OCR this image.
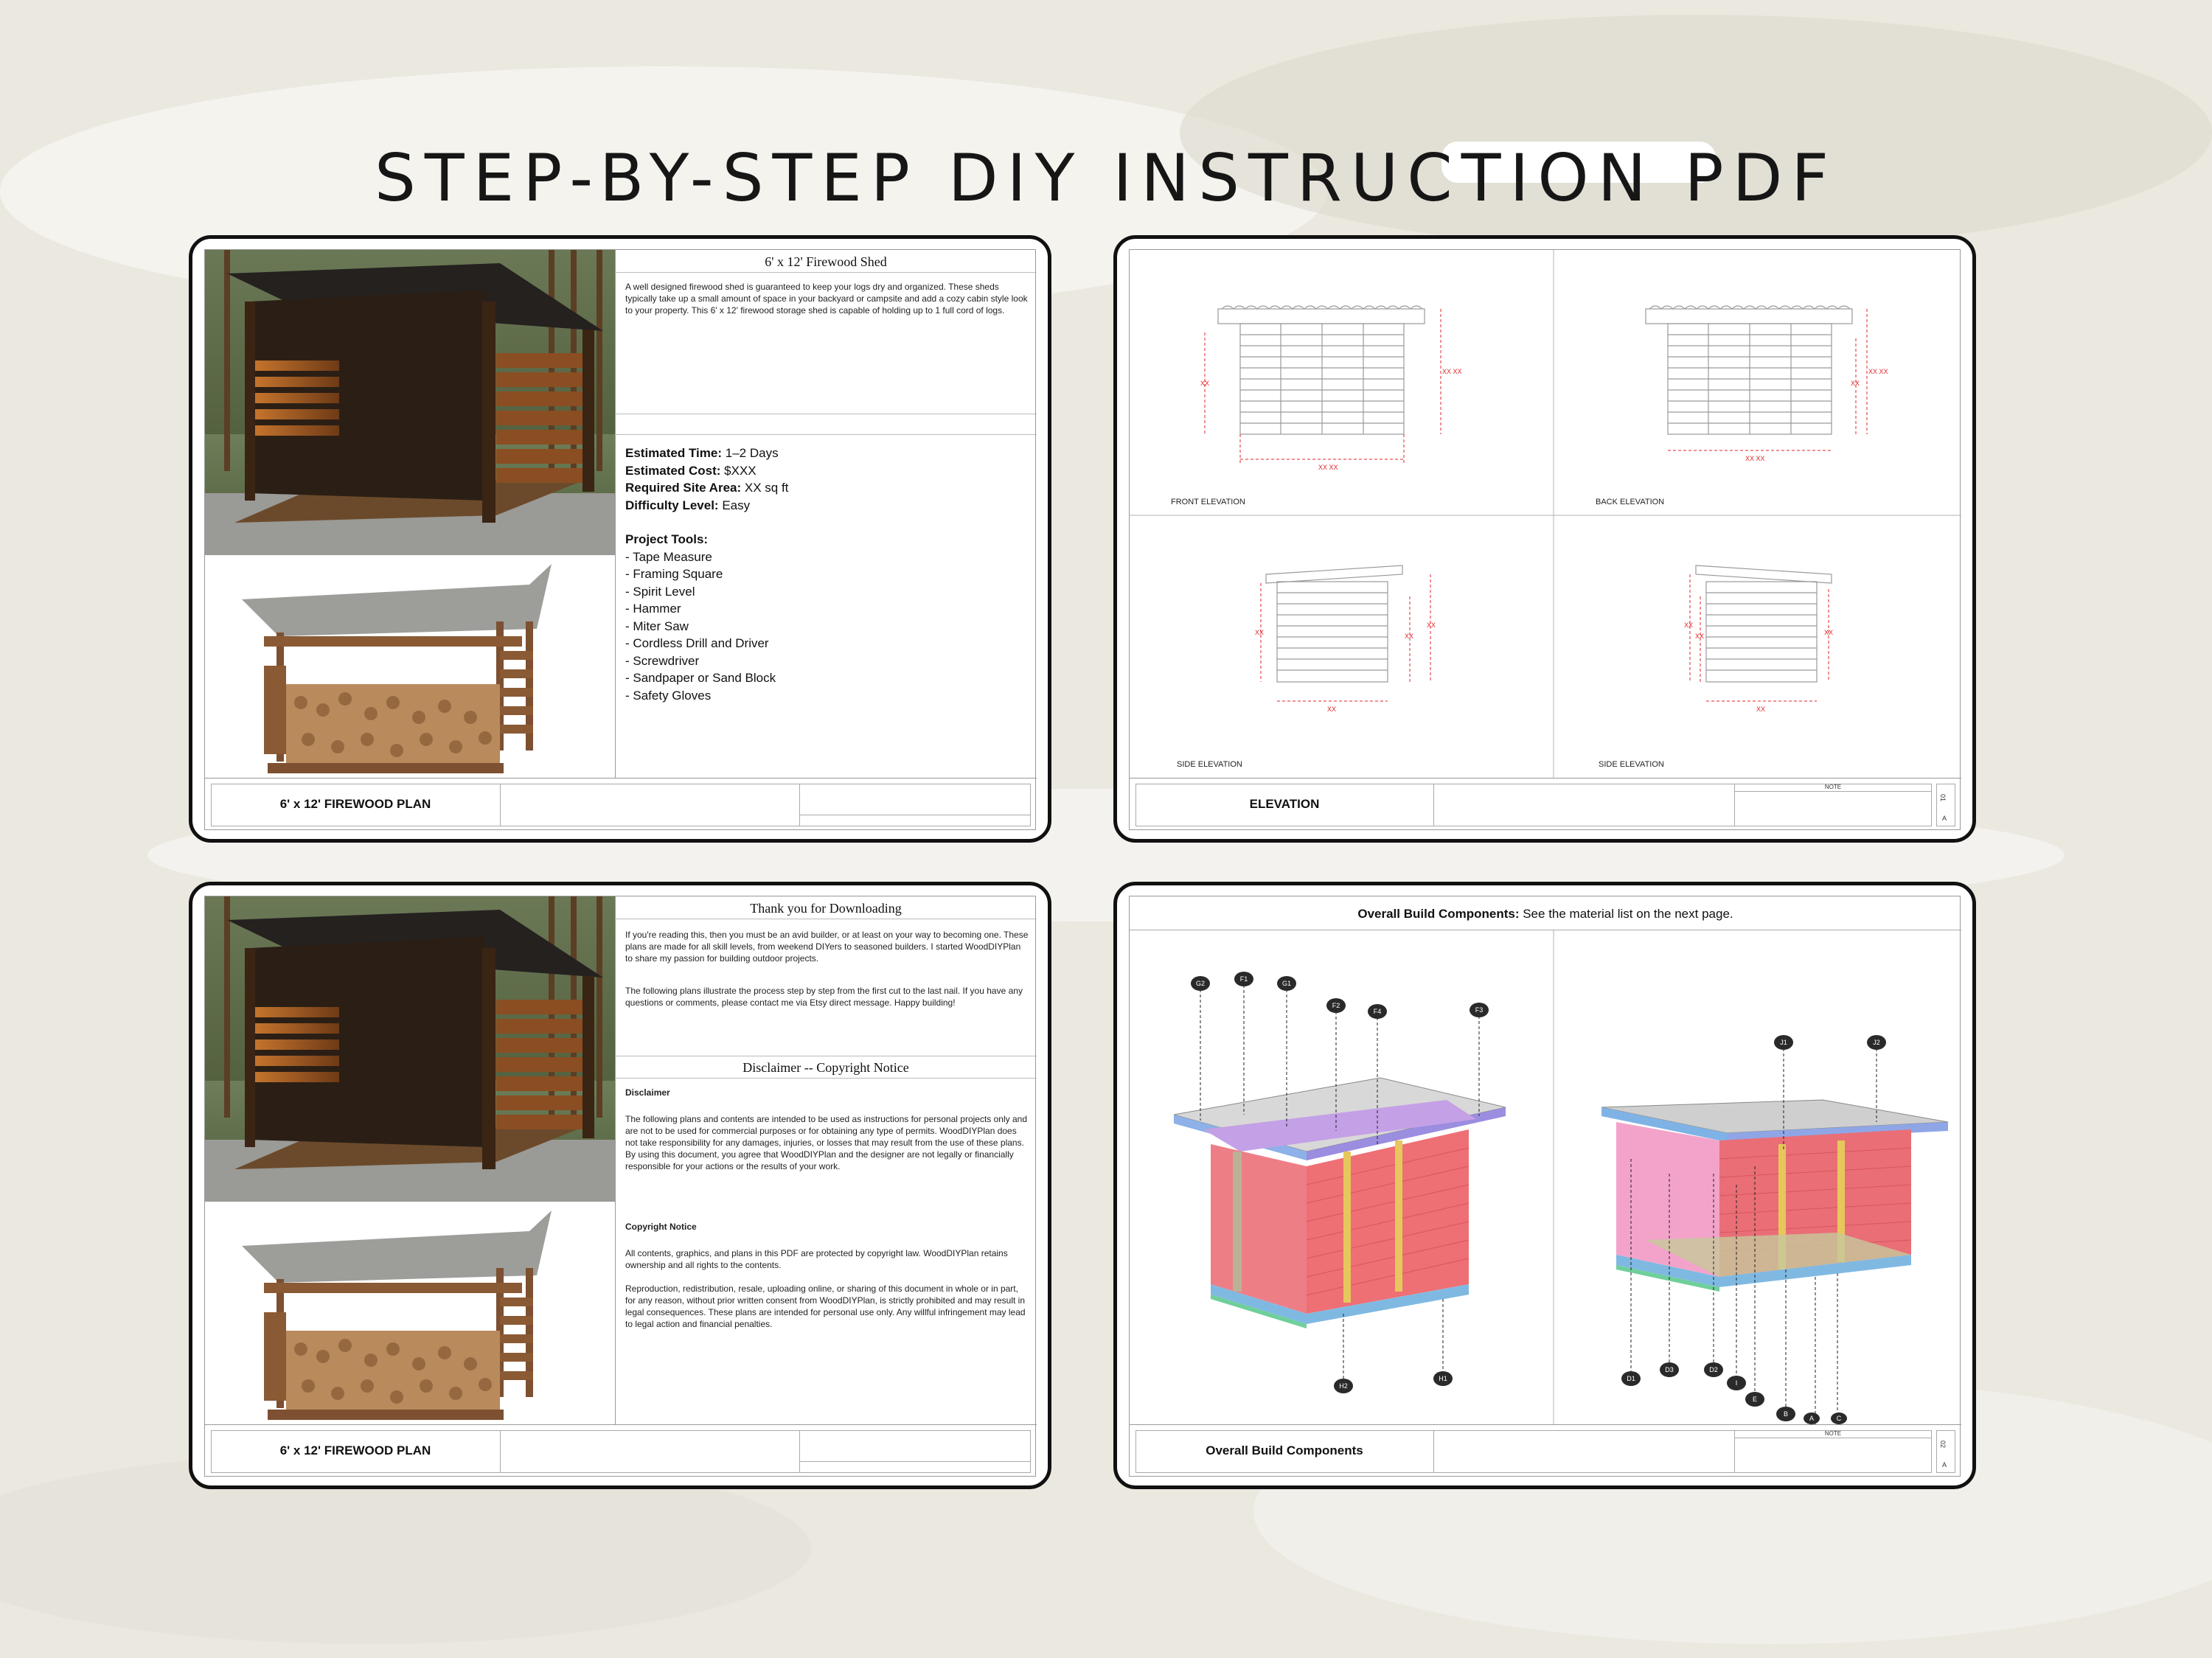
STEP-BY-STEP DIY INSTRUCTION PDF
6' x 12' Firewood Shed
A well designed firewood shed is guaranteed to keep your logs dry and organized. These sheds typically take up a small amount of space in your backyard or campsite and add a cozy cabin style look to your property. This 6' x 12' firewood storage shed is capable of holding up to 1 full cord of logs.
Estimated Time: 1–2 Days
Estimated Cost: $XXX
Required Site Area: XX sq ft
Difficulty Level: Easy
Project Tools:
- Tape Measure
- Framing Square
- Spirit Level
- Hammer
- Miter Saw
- Cordless Drill and Driver
- Screwdriver
- Sandpaper or Sand Block
- Safety Gloves
6' x 12' FIREWOOD PLAN
XX
XX XX
XX XX
XX
XX XX
XX XX
XX	XX
XX
XX
XX
XX	XX
XX
FRONT ELEVATION	BACK ELEVATION
SIDE ELEVATION	SIDE ELEVATION
NOTE
01
A
ELEVATION
Thank you for Downloading
If you're reading this, then you must be an avid builder, or at least on your way to becoming one. These plans are made for all skill levels, from weekend DIYers to seasoned builders. I started WoodDIYPlan to share my passion for building outdoor projects.
The following plans illustrate the process step by step from the first cut to the last nail. If you have any questions or comments, please contact me via Etsy direct message. Happy building!
Disclaimer -- Copyright Notice
Disclaimer
The following plans and contents are intended to be used as instructions for personal projects only and are not to be used for commercial purposes or for obtaining any type of permits. WoodDIYPlan does not take responsibility for any damages, injuries, or losses that may result from the use of these plans. By using this document, you agree that WoodDIYPlan and the designer are not legally or financially responsible for your actions or the results of your work.
Copyright Notice
All contents, graphics, and plans in this PDF are protected by copyright law. WoodDIYPlan retains ownership and all rights to the contents.
Reproduction, redistribution, resale, uploading online, or sharing of this document in whole or in part, for any reason, without prior written consent from WoodDIYPlan, is strictly prohibited and may result in legal consequences. These plans are intended for personal use only. Any willful infringement may lead to legal action and financial penalties.
6' x 12' FIREWOOD PLAN
Overall Build Components: See the material list on the next page.
G2
F1
G1
F2
F4	F3
H2
H1
J1	J2
D1
D3	D2
I
E
B
A	C
NOTE
02
A
Overall Build Components
